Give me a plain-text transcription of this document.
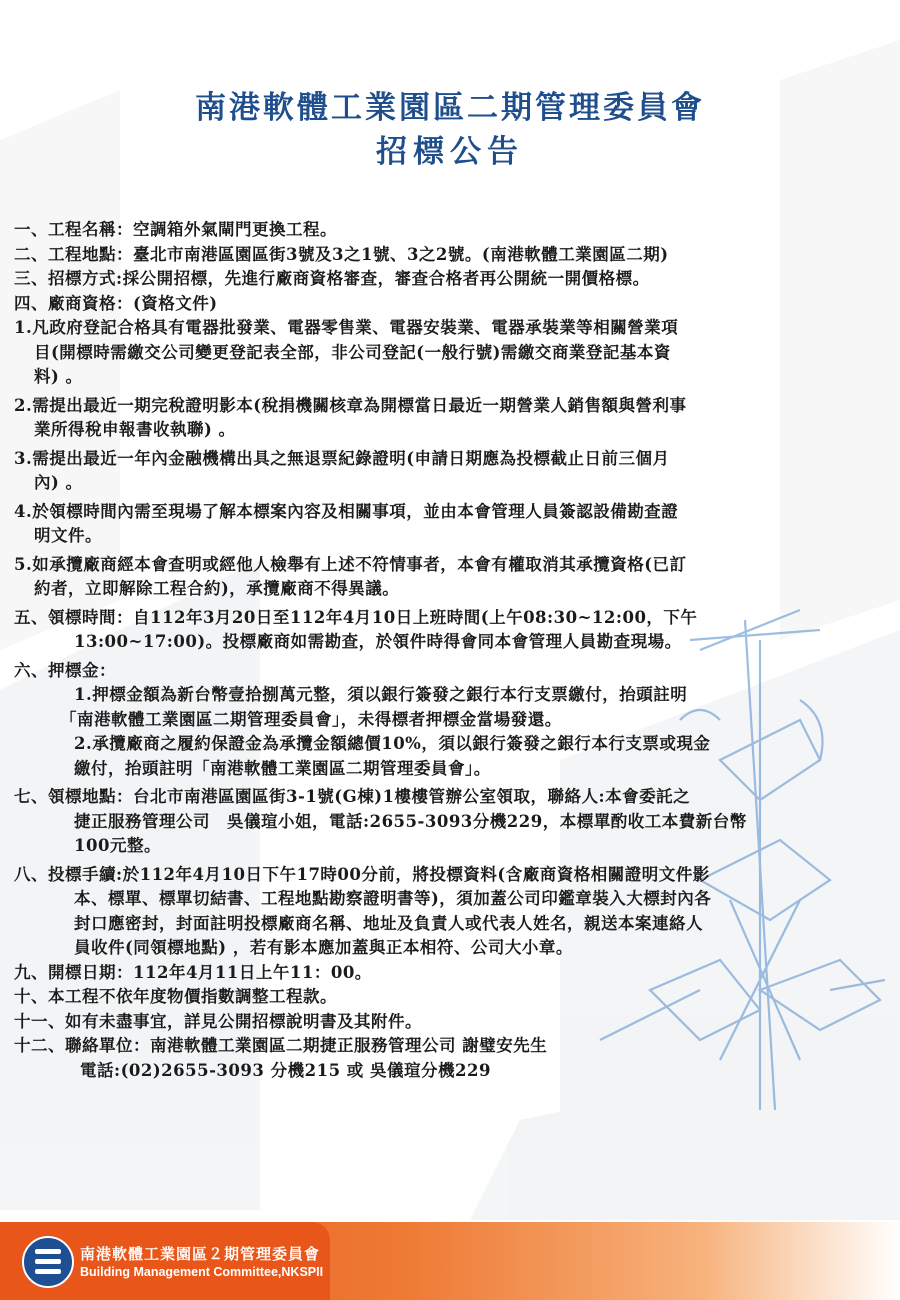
南港軟體工業園區二期管理委員會
招標公告
一、工程名稱：空調箱外氣閘門更換工程。
二、工程地點：臺北市南港區園區街3號及3之1號、3之2號。(南港軟體工業園區二期)
三、招標方式:採公開招標，先進行廠商資格審查，審查合格者再公開統一開價格標。
四、廠商資格：(資格文件)
1.凡政府登記合格具有電器批發業、電器零售業、電器安裝業、電器承裝業等相關營業項
目(開標時需繳交公司變更登記表全部，非公司登記(一般行號)需繳交商業登記基本資
料) 。
2.需提出最近一期完稅證明影本(稅捐機關核章為開標當日最近一期營業人銷售額與營利事
業所得稅申報書收執聯) 。
3.需提出最近一年內金融機構出具之無退票紀錄證明(申請日期應為投標截止日前三個月
內) 。
4.於領標時間內需至現場了解本標案內容及相關事項，並由本會管理人員簽認設備勘查證
明文件。
5.如承攬廠商經本會查明或經他人檢舉有上述不符情事者，本會有權取消其承攬資格(已訂
約者，立即解除工程合約)，承攬廠商不得異議。
五、領標時間：自112年3月20日至112年4月10日上班時間(上午08:30~12:00，下午
13:00~17:00)。投標廠商如需勘查，於領件時得會同本會管理人員勘查現場。
六、押標金：
1.押標金額為新台幣壹拾捌萬元整，須以銀行簽發之銀行本行支票繳付，抬頭註明
「南港軟體工業園區二期管理委員會」，未得標者押標金當場發還。
2.承攬廠商之履約保證金為承攬金額總價10%，須以銀行簽發之銀行本行支票或現金
繳付，抬頭註明「南港軟體工業園區二期管理委員會」。
七、領標地點：台北市南港區園區街3-1號(G棟)1樓樓管辦公室領取，聯絡人:本會委託之
捷正服務管理公司　吳儀瑄小姐，電話:2655-3093分機229，本標單酌收工本費新台幣
100元整。
八、投標手續:於112年4月10日下午17時00分前，將投標資料(含廠商資格相關證明文件影
本、標單、標單切結書、工程地點勘察證明書等)，須加蓋公司印鑑章裝入大標封內各
封口應密封，封面註明投標廠商名稱、地址及負責人或代表人姓名，親送本案連絡人
員收件(同領標地點) ，若有影本應加蓋與正本相符、公司大小章。
九、開標日期：112年4月11日上午11：00。
十、本工程不依年度物價指數調整工程款。
十一、如有未盡事宜，詳見公開招標說明書及其附件。
十二、聯絡單位：南港軟體工業園區二期捷正服務管理公司 謝璧安先生
電話:(02)2655-3093 分機215 或 吳儀瑄分機229
南港軟體工業園區２期管理委員會
Building Management Committee,NKSPII
